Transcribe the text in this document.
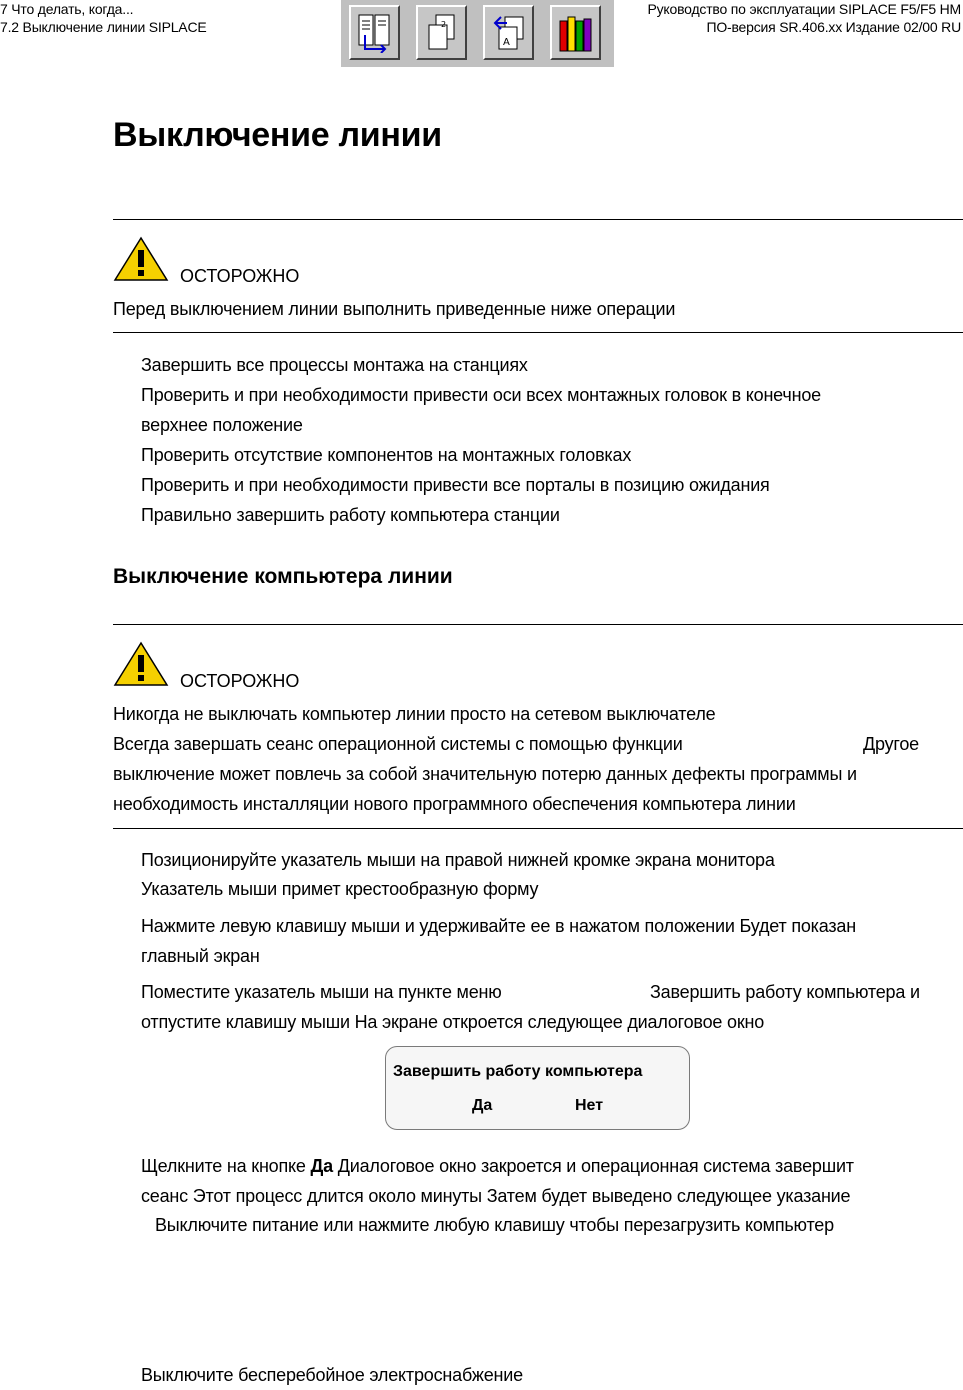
7 Что делать, когда...
7.2 Выключение линии SIPLACE
Руководство по эксплуатации SIPLACE F5/F5 HM
ПО-версия SR.406.xx Издание 02/00 RU
2
A
Выключение линии
ОСТОРОЖНО
Перед выключением линии выполнить приведенные ниже операции
Завершить все процессы монтажа на станциях
Проверить и при необходимости привести оси всех монтажных головок в конечное
верхнее положение
Проверить отсутствие компонентов на монтажных головках
Проверить и при необходимости привести все порталы в позицию ожидания
Правильно завершить работу компьютера станции
Выключение компьютера линии
ОСТОРОЖНО
Никогда не выключать компьютер линии просто на сетевом выключателе
Всегда завершать сеанс операционной системы с помощью функции	Другое
выключение может повлечь за собой значительную потерю данных дефекты программы и
необходимость инсталляции нового программного обеспечения компьютера линии
Позиционируйте указатель мыши на правой нижней кромке экрана монитора
Указатель мыши примет крестообразную форму
Нажмите левую клавишу мыши и удерживайте ее в нажатом положении Будет показан
главный экран
Поместите указатель мыши на пункте меню	Завершить работу компьютера и
отпустите клавишу мыши На экране откроется следующее диалоговое окно
Завершить работу компьютера
Да	Нет
Щелкните на кнопке Да Диалоговое окно закроется и операционная система завершит
сеанс Этот процесс длится около минуты Затем будет выведено следующее указание
Выключите питание или нажмите любую клавишу чтобы перезагрузить компьютер
Выключите бесперебойное электроснабжение
